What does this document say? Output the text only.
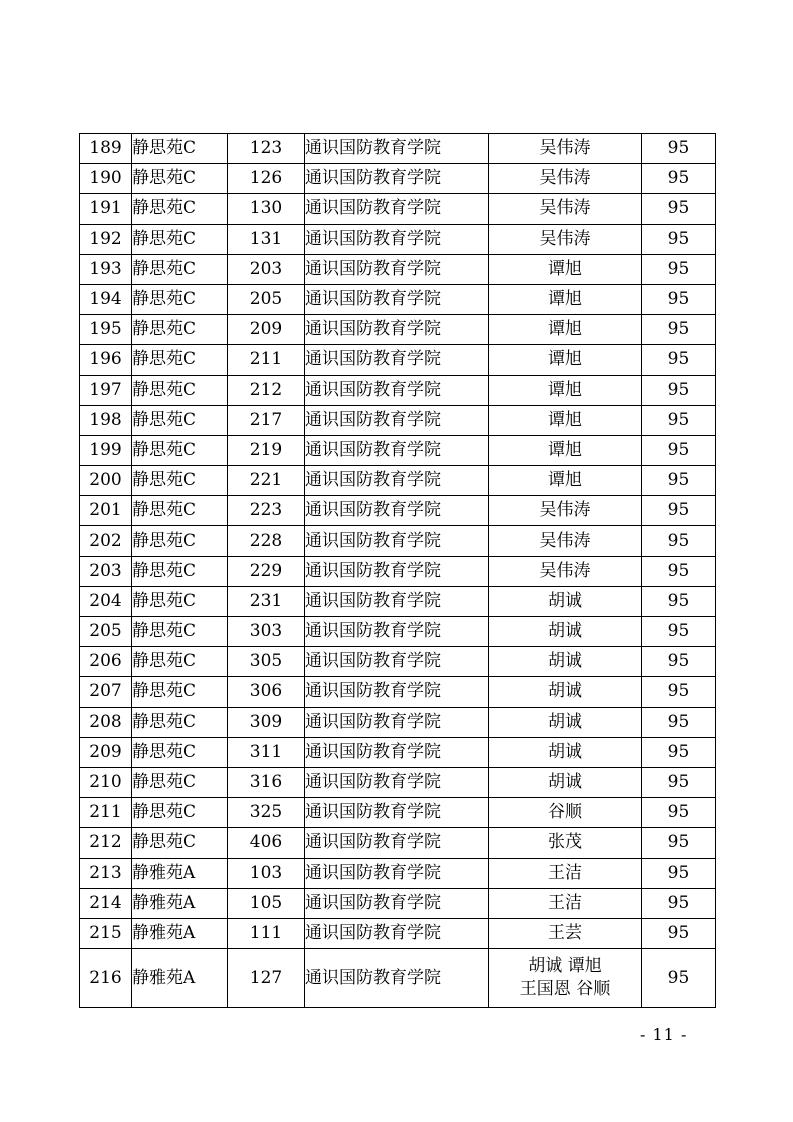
189	静思苑C	123	通识国防教育学院	吴伟涛	95
190	静思苑C	126	通识国防教育学院	吴伟涛	95
191	静思苑C	130	通识国防教育学院	吴伟涛	95
192	静思苑C	131	通识国防教育学院	吴伟涛	95
193	静思苑C	203	通识国防教育学院	谭旭	95
194	静思苑C	205	通识国防教育学院	谭旭	95
195	静思苑C	209	通识国防教育学院	谭旭	95
196	静思苑C	211	通识国防教育学院	谭旭	95
197	静思苑C	212	通识国防教育学院	谭旭	95
198	静思苑C	217	通识国防教育学院	谭旭	95
199	静思苑C	219	通识国防教育学院	谭旭	95
200	静思苑C	221	通识国防教育学院	谭旭	95
201	静思苑C	223	通识国防教育学院	吴伟涛	95
202	静思苑C	228	通识国防教育学院	吴伟涛	95
203	静思苑C	229	通识国防教育学院	吴伟涛	95
204	静思苑C	231	通识国防教育学院	胡诚	95
205	静思苑C	303	通识国防教育学院	胡诚	95
206	静思苑C	305	通识国防教育学院	胡诚	95
207	静思苑C	306	通识国防教育学院	胡诚	95
208	静思苑C	309	通识国防教育学院	胡诚	95
209	静思苑C	311	通识国防教育学院	胡诚	95
210	静思苑C	316	通识国防教育学院	胡诚	95
211	静思苑C	325	通识国防教育学院	谷顺	95
212	静思苑C	406	通识国防教育学院	张茂	95
213	静雅苑A	103	通识国防教育学院	王洁	95
214	静雅苑A	105	通识国防教育学院	王洁	95
215	静雅苑A	111	通识国防教育学院	王芸	95
216	静雅苑A	127	通识国防教育学院	胡诚 谭旭
王国恩 谷顺	95
- 11 -
